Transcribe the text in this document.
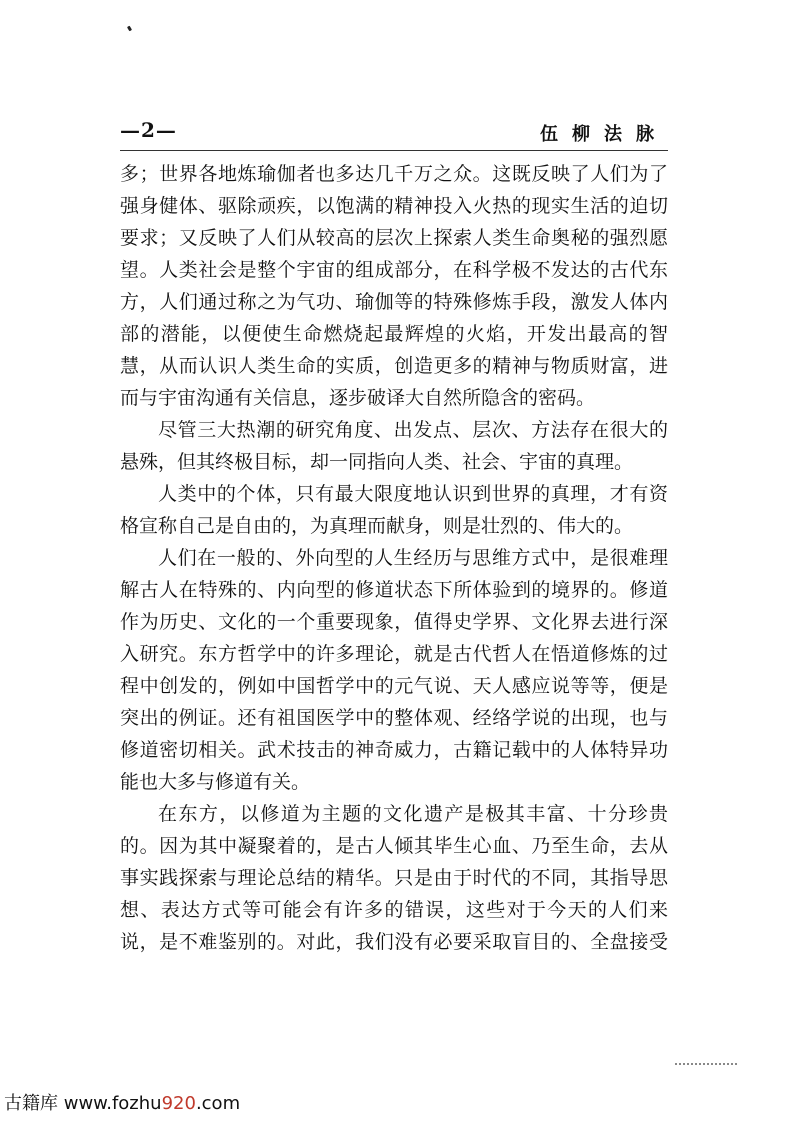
—2—	伍柳法脉
多；世界各地炼瑜伽者也多达几千万之众。这既反映了人们为了
强身健体、驱除顽疾，以饱满的精神投入火热的现实生活的迫切
要求；又反映了人们从较高的层次上探索人类生命奥秘的强烈愿
望。人类社会是整个宇宙的组成部分，在科学极不发达的古代东
方，人们通过称之为气功、瑜伽等的特殊修炼手段，激发人体内
部的潜能，以便使生命燃烧起最辉煌的火焰，开发出最高的智
慧，从而认识人类生命的实质，创造更多的精神与物质财富，进
而与宇宙沟通有关信息，逐步破译大自然所隐含的密码。
尽管三大热潮的研究角度、出发点、层次、方法存在很大的
悬殊，但其终极目标，却一同指向人类、社会、宇宙的真理。
人类中的个体，只有最大限度地认识到世界的真理，才有资
格宣称自己是自由的，为真理而献身，则是壮烈的、伟大的。
人们在一般的、外向型的人生经历与思维方式中，是很难理
解古人在特殊的、内向型的修道状态下所体验到的境界的。修道
作为历史、文化的一个重要现象，值得史学界、文化界去进行深
入研究。东方哲学中的许多理论，就是古代哲人在悟道修炼的过
程中创发的，例如中国哲学中的元气说、天人感应说等等，便是
突出的例证。还有祖国医学中的整体观、经络学说的出现，也与
修道密切相关。武术技击的神奇威力，古籍记载中的人体特异功
能也大多与修道有关。
在东方，以修道为主题的文化遗产是极其丰富、十分珍贵
的。因为其中凝聚着的，是古人倾其毕生心血、乃至生命，去从
事实践探索与理论总结的精华。只是由于时代的不同，其指导思
想、表达方式等可能会有许多的错误，这些对于今天的人们来
说，是不难鉴别的。对此，我们没有必要采取盲目的、全盘接受
古籍库 www.fozhu920.com
